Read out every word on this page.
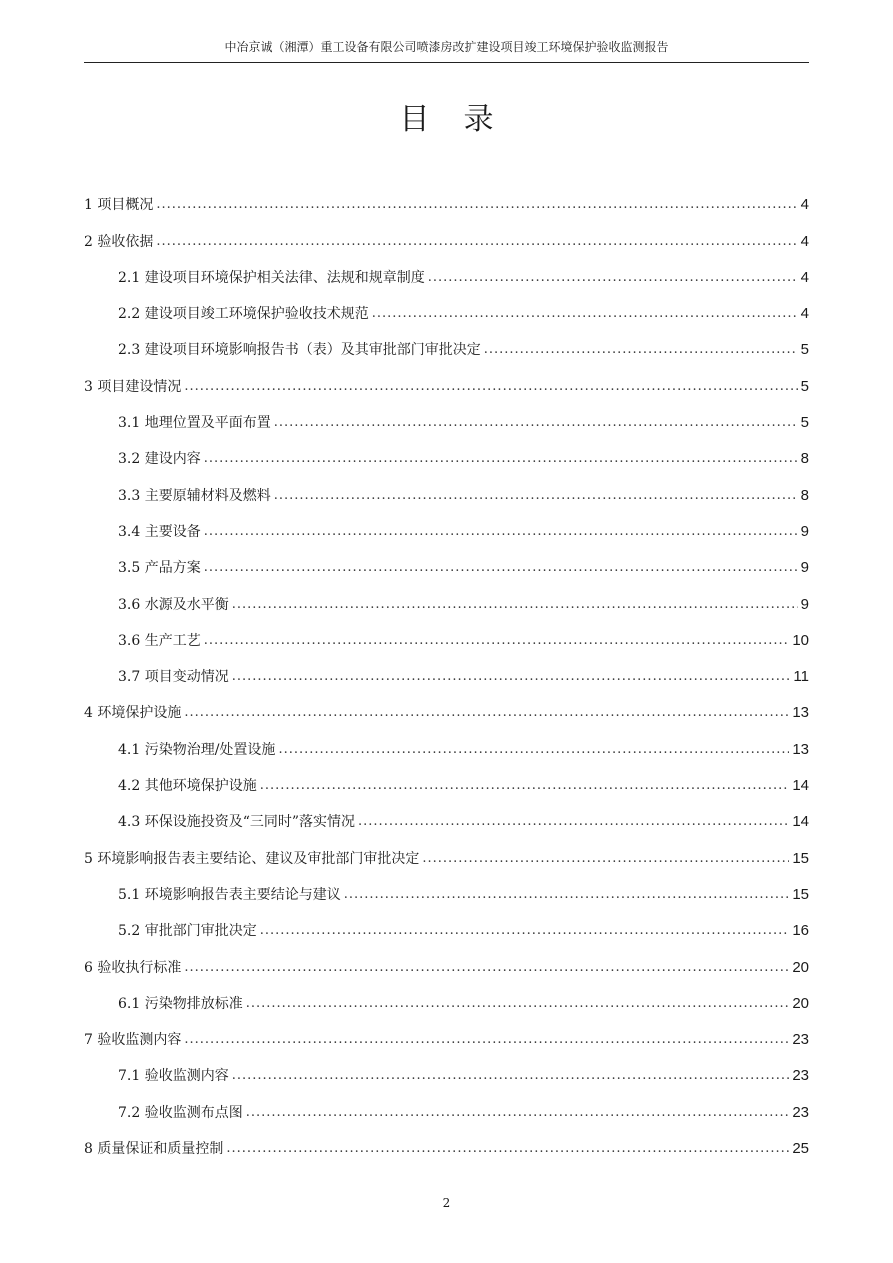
中冶京诚（湘潭）重工设备有限公司喷漆房改扩建设项目竣工环境保护验收监测报告
目录
1 项目概况 .....	4
2 验收依据 .....	4
2.1 建设项目环境保护相关法律、法规和规章制度 .....	4
2.2 建设项目竣工环境保护验收技术规范 .....	4
2.3 建设项目环境影响报告书（表）及其审批部门审批决定 .....	5
3 项目建设情况 .....	5
3.1 地理位置及平面布置 .....	5
3.2 建设内容 .....	8
3.3 主要原辅材料及燃料 .....	8
3.4 主要设备 .....	9
3.5 产品方案 .....	9
3.6 水源及水平衡 .....	9
3.6 生产工艺 .....	10
3.7 项目变动情况 .....	11
4 环境保护设施 .....	13
4.1 污染物治理/处置设施 .....	13
4.2 其他环境保护设施 .....	14
4.3 环保设施投资及“三同时”落实情况 .....	14
5 环境影响报告表主要结论、建议及审批部门审批决定 .....	15
5.1 环境影响报告表主要结论与建议 .....	15
5.2 审批部门审批决定 .....	16
6 验收执行标准 .....	20
6.1 污染物排放标准 .....	20
7 验收监测内容 .....	23
7.1 验收监测内容 .....	23
7.2 验收监测布点图 .....	23
8 质量保证和质量控制 .....	25
2
